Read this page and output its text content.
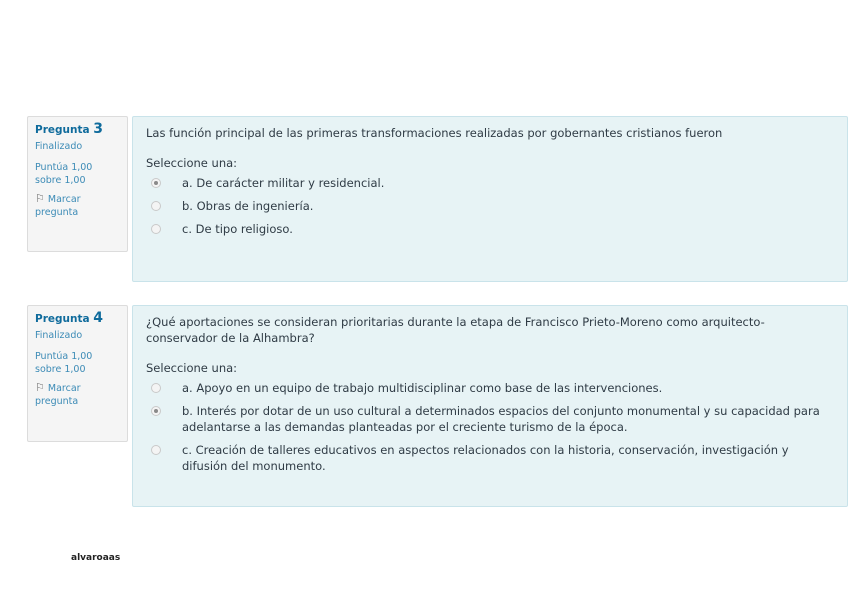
Pregunta 3
Finalizado
Puntúa 1,00
sobre 1,00
⚐ Marcar
pregunta
Las función principal de las primeras transformaciones realizadas por gobernantes cristianos fueron
Seleccione una:
a. De carácter militar y residencial.
b. Obras de ingeniería.
c. De tipo religioso.
Pregunta 4
Finalizado
Puntúa 1,00
sobre 1,00
⚐ Marcar
pregunta
¿Qué aportaciones se consideran prioritarias durante la etapa de Francisco Prieto-Moreno como arquitecto-conservador de la Alhambra?
Seleccione una:
a. Apoyo en un equipo de trabajo multidisciplinar como base de las intervenciones.
b. Interés por dotar de un uso cultural a determinados espacios del conjunto monumental y su capacidad para adelantarse a las demandas planteadas por el creciente turismo de la época.
c. Creación de talleres educativos en aspectos relacionados con la historia, conservación, investigación y difusión del monumento.
alvaroaas
